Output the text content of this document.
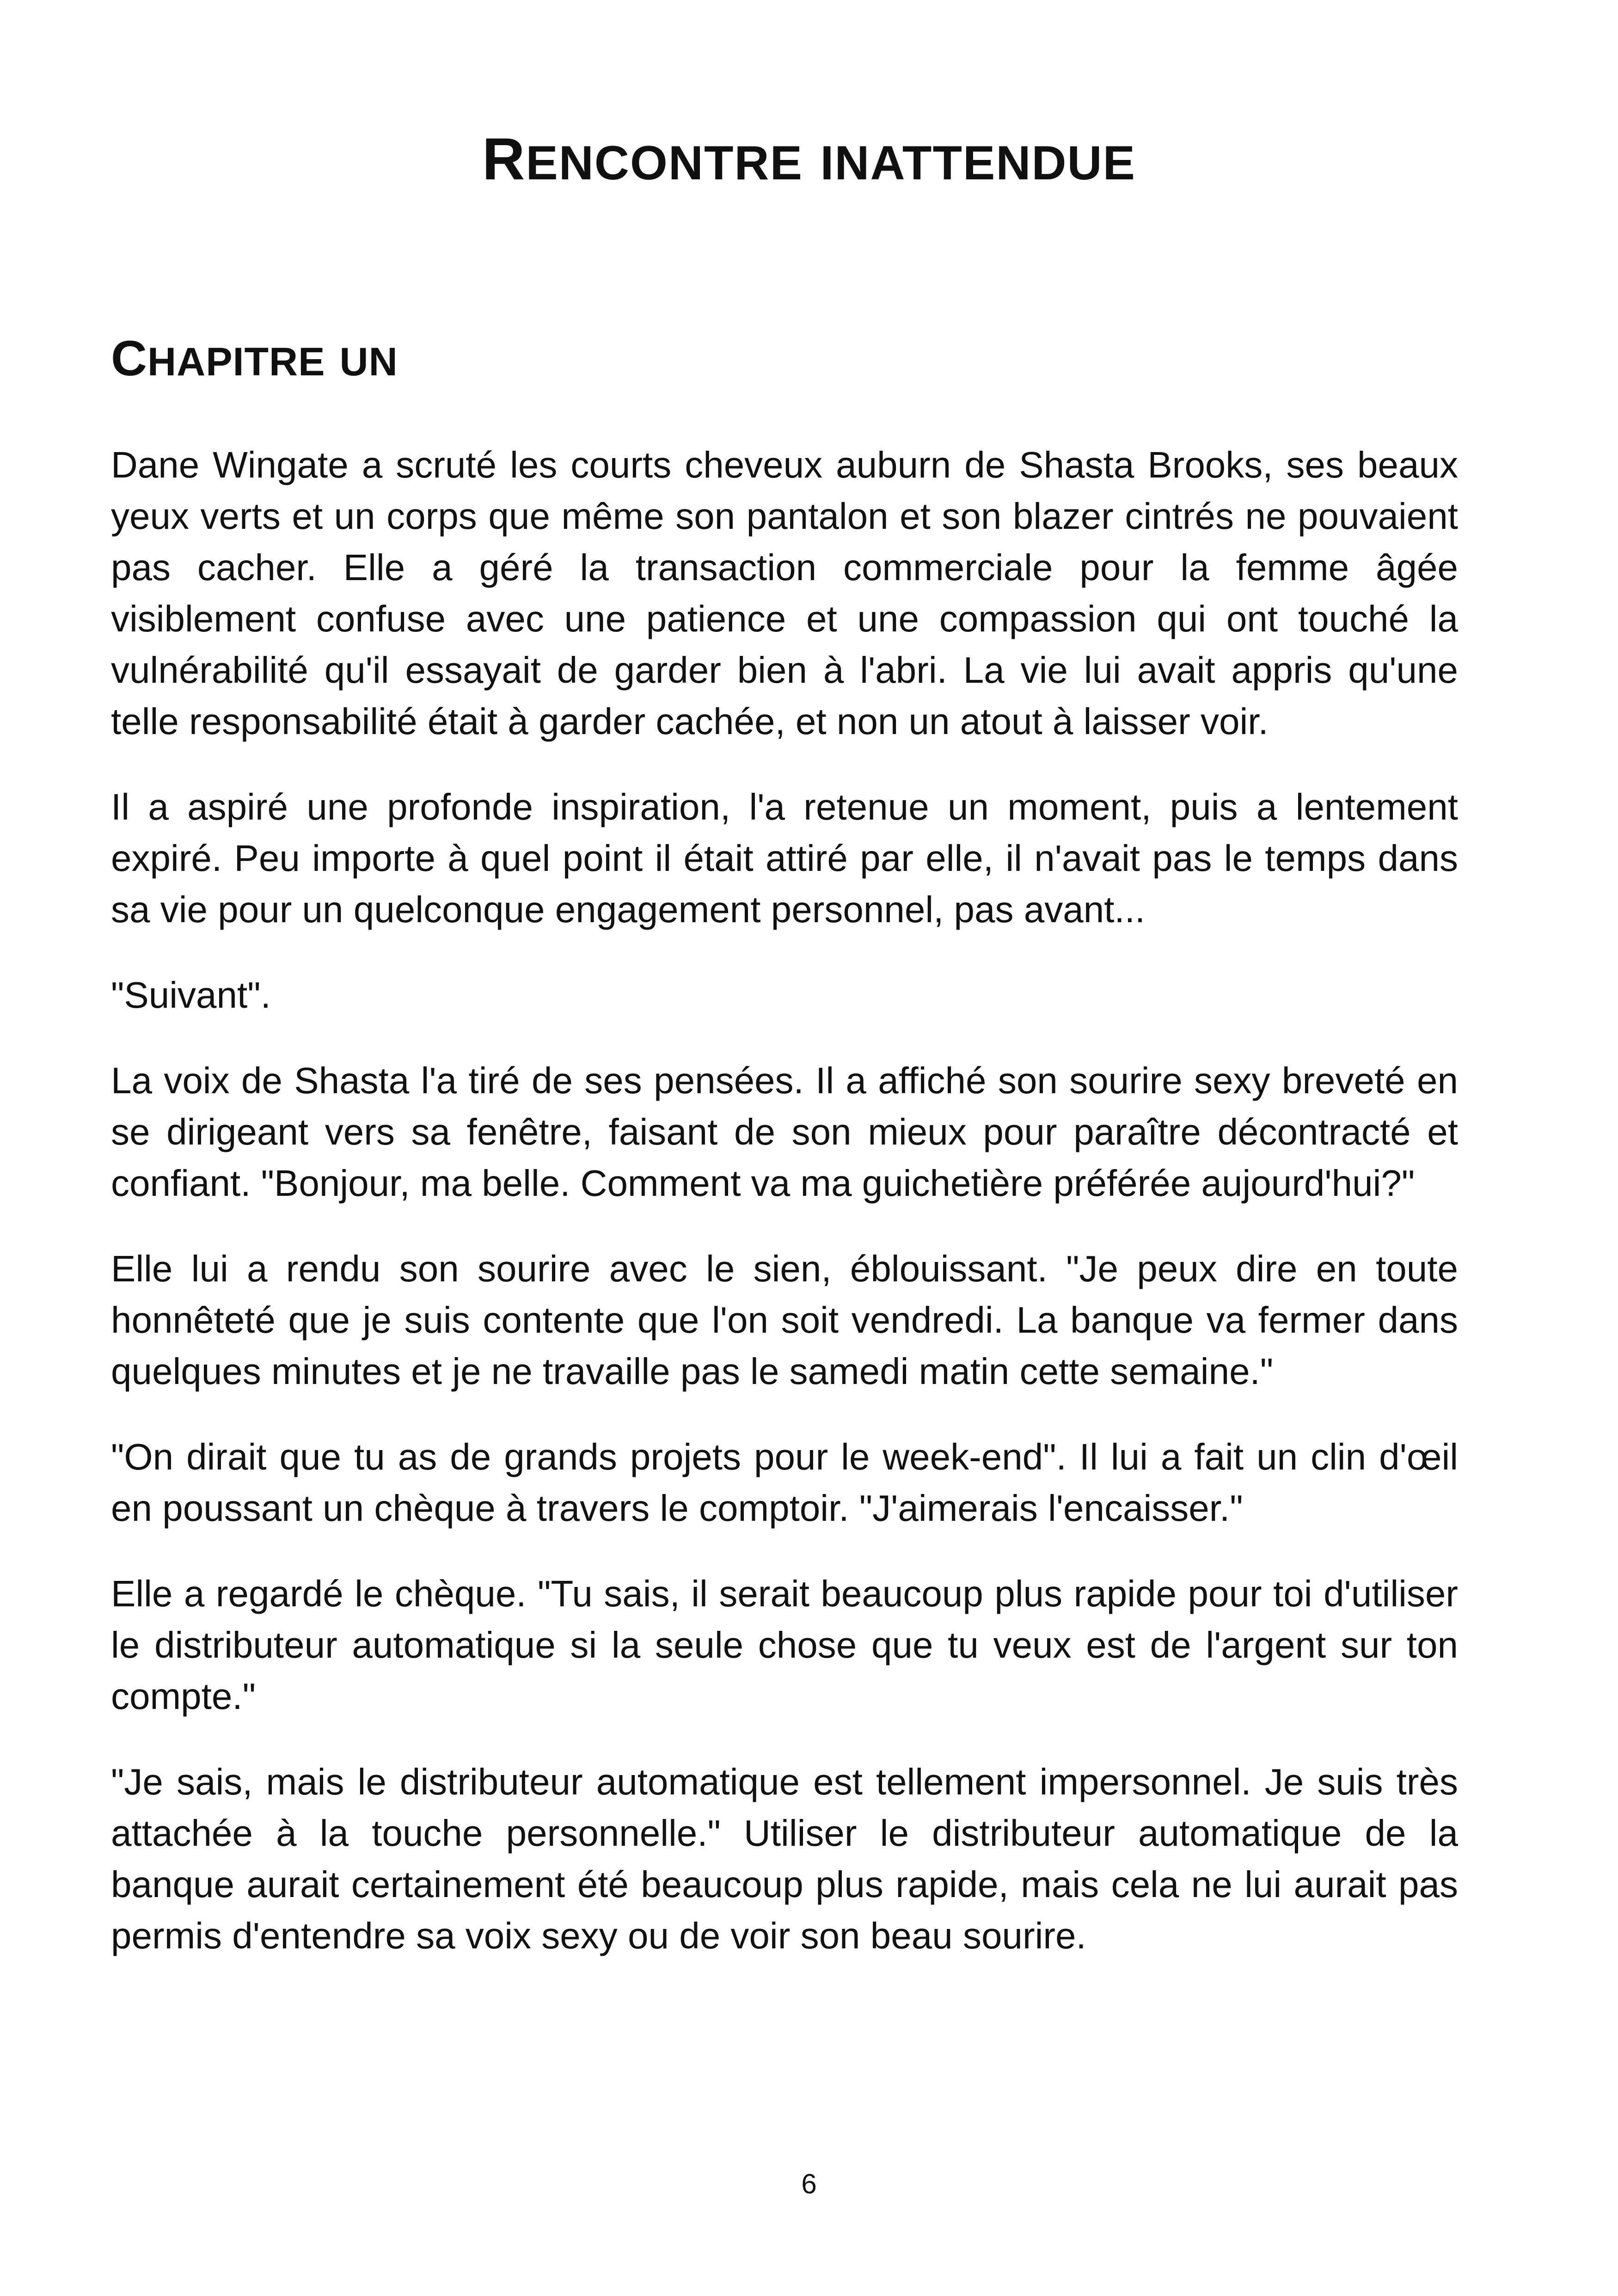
RENCONTRE INATTENDUE
CHAPITRE UN

Dane Wingate a scruté les courts cheveux auburn de Shasta Brooks, ses beaux yeux verts et un corps que même son pantalon et son blazer cintrés ne pouvaient pas cacher. Elle a géré la transaction commerciale pour la femme âgée visiblement confuse avec une patience et une compassion qui ont touché la vulnérabilité qu'il essayait de garder bien à l'abri. La vie lui avait appris qu'une telle responsabilité était à garder cachée, et non un atout à laisser voir.

Il a aspiré une profonde inspiration, l'a retenue un moment, puis a lentement expiré. Peu importe à quel point il était attiré par elle, il n'avait pas le temps dans sa vie pour un quelconque engagement personnel, pas avant...

"Suivant".

La voix de Shasta l'a tiré de ses pensées. Il a affiché son sourire sexy breveté en se dirigeant vers sa fenêtre, faisant de son mieux pour paraître décontracté et confiant. "Bonjour, ma belle. Comment va ma guichetière préférée aujourd'hui?"

Elle lui a rendu son sourire avec le sien, éblouissant. "Je peux dire en toute honnêteté que je suis contente que l'on soit vendredi. La banque va fermer dans quelques minutes et je ne travaille pas le samedi matin cette semaine."

"On dirait que tu as de grands projets pour le week-end". Il lui a fait un clin d'œil en poussant un chèque à travers le comptoir. "J'aimerais l'encaisser."

Elle a regardé le chèque. "Tu sais, il serait beaucoup plus rapide pour toi d'utiliser le distributeur automatique si la seule chose que tu veux est de l'argent sur ton compte."

"Je sais, mais le distributeur automatique est tellement impersonnel. Je suis très attachée à la touche personnelle." Utiliser le distributeur automatique de la banque aurait certainement été beaucoup plus rapide, mais cela ne lui aurait pas permis d'entendre sa voix sexy ou de voir son beau sourire.

6
